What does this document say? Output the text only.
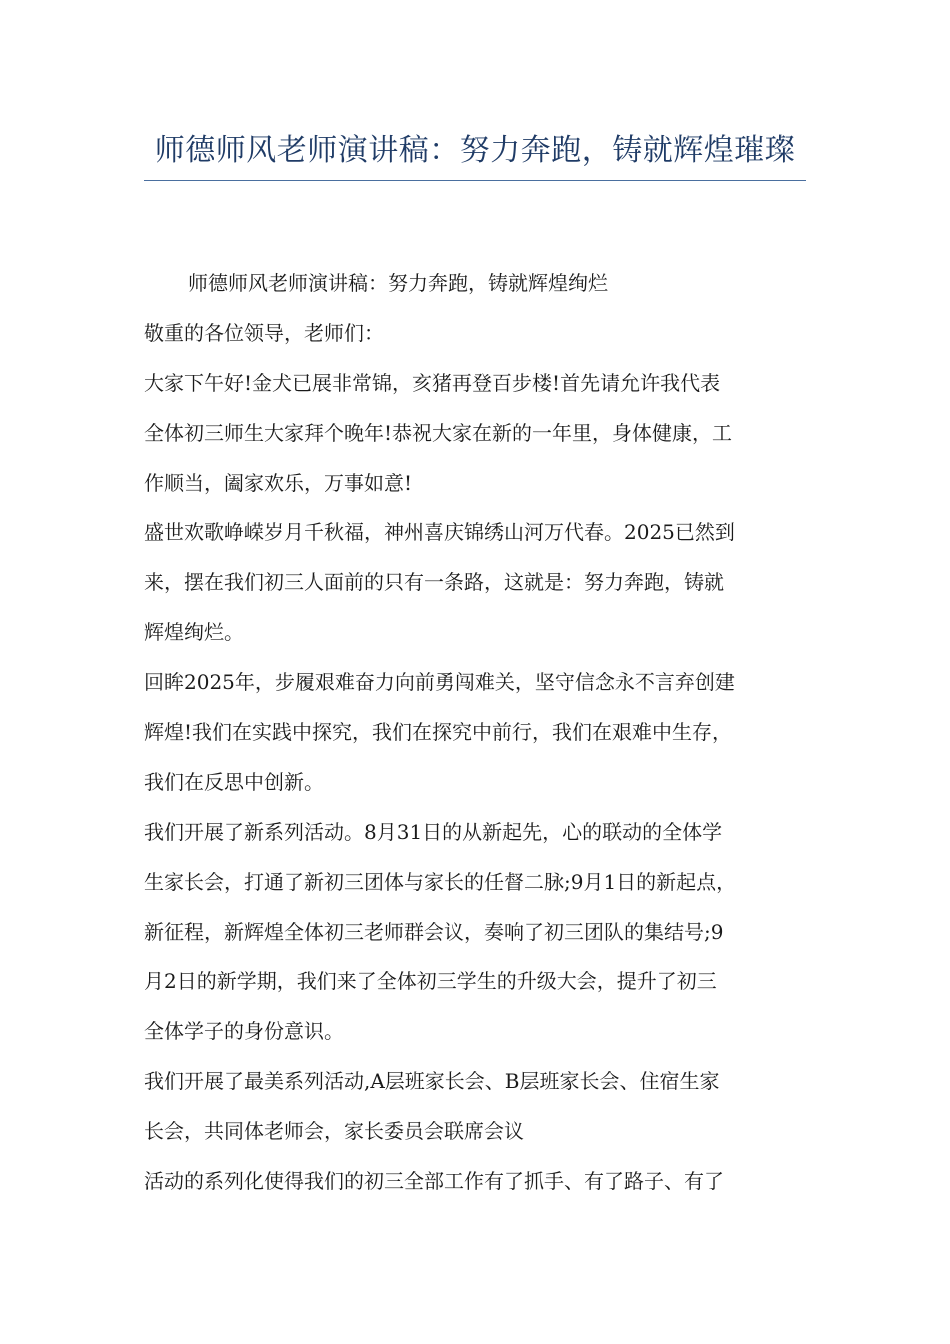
师德师风老师演讲稿：努力奔跑，铸就辉煌璀璨
师德师风老师演讲稿：努力奔跑，铸就辉煌绚烂
敬重的各位领导，老师们：
大家下午好!金犬已展非常锦，亥猪再登百步楼!首先请允许我代表
全体初三师生大家拜个晚年!恭祝大家在新的一年里，身体健康，工
作顺当，阖家欢乐，万事如意!
盛世欢歌峥嵘岁月千秋福，神州喜庆锦绣山河万代春。2025已然到
来，摆在我们初三人面前的只有一条路，这就是：努力奔跑，铸就
辉煌绚烂。
回眸2025年，步履艰难奋力向前勇闯难关，坚守信念永不言弃创建
辉煌!我们在实践中探究，我们在探究中前行，我们在艰难中生存，
我们在反思中创新。
我们开展了新系列活动。8月31日的从新起先，心的联动的全体学
生家长会，打通了新初三团体与家长的任督二脉;9月1日的新起点，
新征程，新辉煌全体初三老师群会议，奏响了初三团队的集结号;9
月2日的新学期，我们来了全体初三学生的升级大会，提升了初三
全体学子的身份意识。
我们开展了最美系列活动,A层班家长会、B层班家长会、住宿生家
长会，共同体老师会，家长委员会联席会议
活动的系列化使得我们的初三全部工作有了抓手、有了路子、有了
